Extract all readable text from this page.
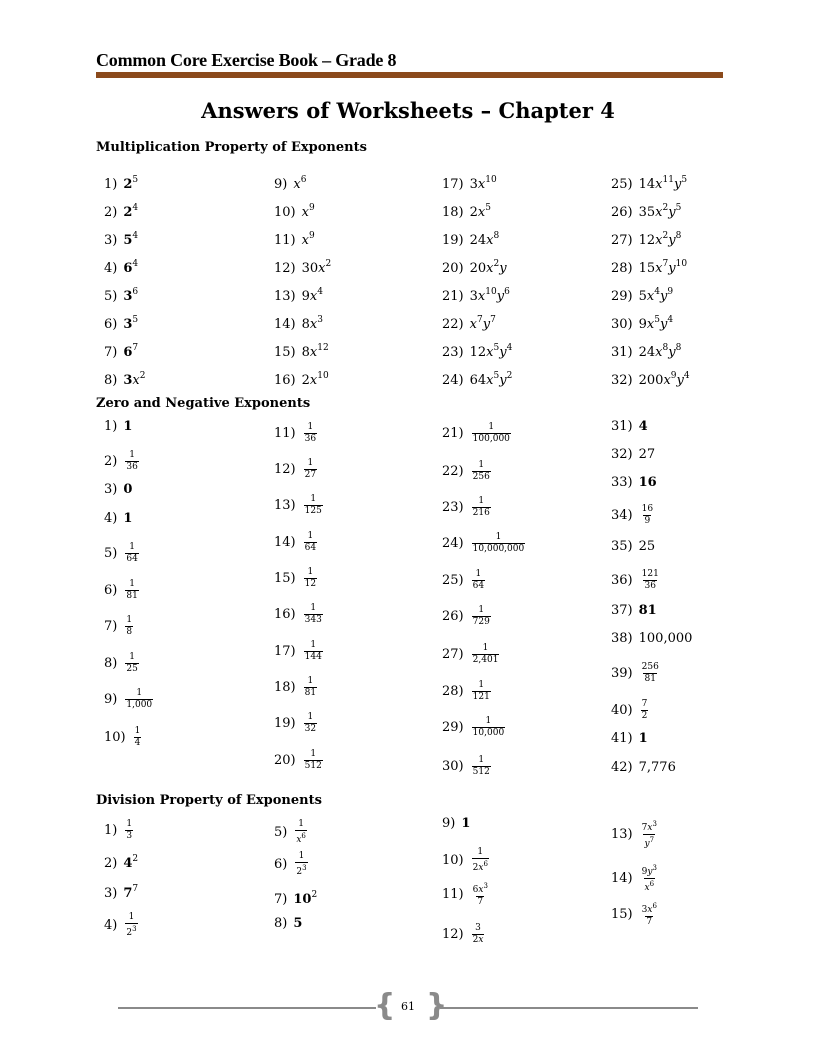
Common Core Exercise Book – Grade 8
Answers of Worksheets – Chapter 4
Multiplication Property of Exponents
1) $2^5$
2) $2^4$
3) $5^4$
4) $6^4$
5) $3^6$
6) $3^5$
7) $6^7$
8) $3x^2$
9) $x^6$
10) $x^9$
11) $x^9$
12) $30x^2$
13) $9x^4$
14) $8x^3$
15) $8x^{12}$
16) $2x^{10}$
17) $3x^{10}$
18) $2x^5$
19) $24x^8$
20) $20x^2y$
21) $3x^{10}y^6$
22) $x^7y^7$
23) $12x^5y^4$
24) $64x^5y^2$
25) $14x^{11}y^5$
26) $35x^2y^5$
27) $12x^2y^8$
28) $15x^7y^{10}$
29) $5x^4y^9$
30) $9x^5y^4$
31) $24x^8y^8$
32) $200x^9y^4$
Zero and Negative Exponents
1) 1
$2) \frac{1}{36}$
3) 0
4) 1
$5) \frac{1}{64}$
$6) \frac{1}{81}$
$7) \frac{1}{8}$
$8) \frac{1}{25}$
$9) \frac{1}{1,000}$
$10) \frac{1}{4}$
$11) \frac{1}{36}$
$12) \frac{1}{27}$
$13) \frac{1}{125}$
$14) \frac{1}{64}$
$15) \frac{1}{12}$
$16) \frac{1}{343}$
$17) \frac{1}{144}$
$18) \frac{1}{81}$
$19) \frac{1}{32}$
$20) \frac{1}{512}$
$21) \frac{1}{100,000}$
$22) \frac{1}{256}$
$23) \frac{1}{216}$
$24) \frac{1}{10,000,000}$
$25) \frac{1}{64}$
$26) \frac{1}{729}$
$27) \frac{1}{2,401}$
$28) \frac{1}{121}$
$29) \frac{1}{10,000}$
$30) \frac{1}{512}$
31) 4
32) 27
33) 16
$34) \frac{16}{9}$
35) 25
$36) \frac{121}{36}$
37) 81
38) 100,000
$39) \frac{256}{81}$
$40) \frac{7}{2}$
41) 1
42) 7,776
Division Property of Exponents
$1) \frac{1}{3}$
2) $4^2$
3) $7^7$
$4) \frac{1}{2^3}$
$5) \frac{1}{x^6}$
$6) \frac{1}{2^3}$
7) $10^2$
8) 5
9) 1
$10) \frac{1}{2x^6}$
$11) \frac{6x^3}{7}$
$12) \frac{3}{2x}$
$13) \frac{7x^3}{y^7}$
$14) \frac{9y^3}{x^6}$
$15) \frac{3x^6}{7}$
{ }
61
